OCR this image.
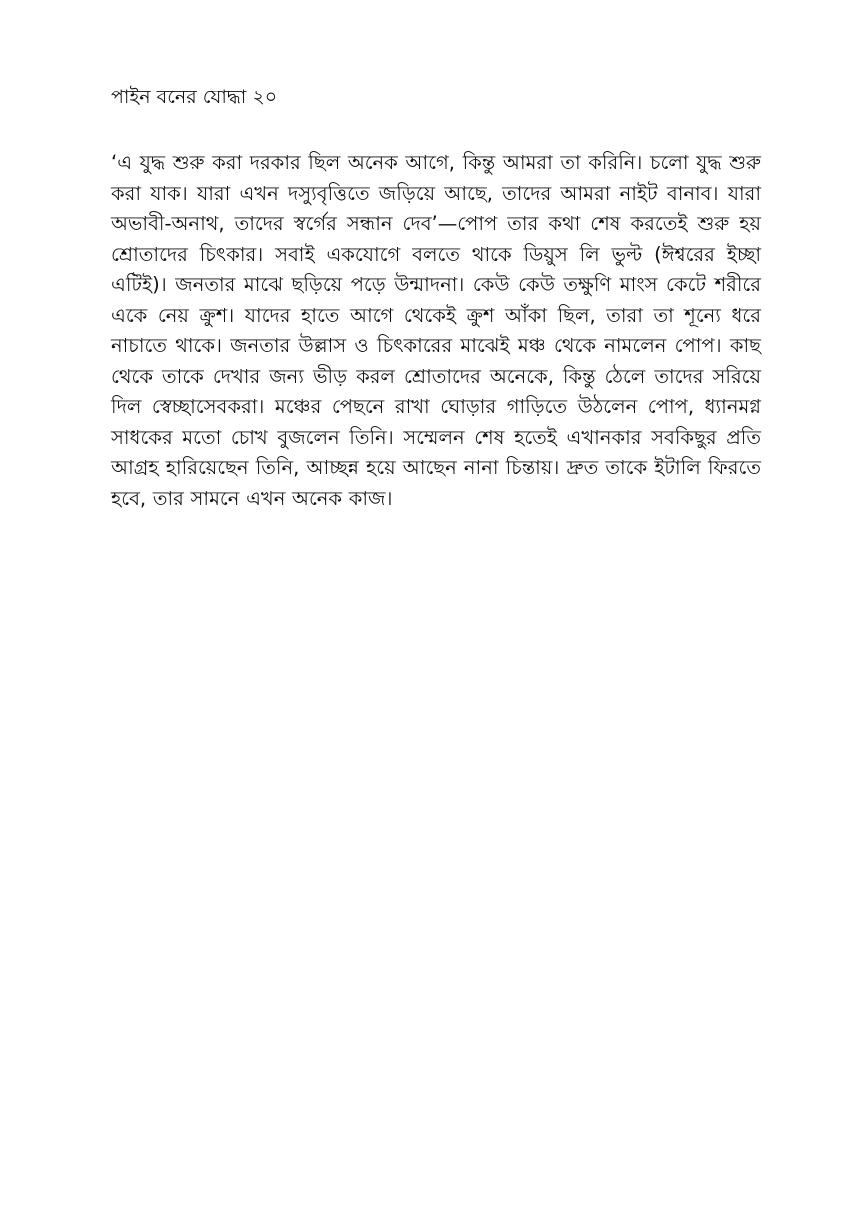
পাইন বনের যোদ্ধা ২০
‘এ যুদ্ধ শুরু করা দরকার ছিল অনেক আগে, কিন্তু আমরা তা করিনি। চলো যুদ্ধ শুরু করা যাক। যারা এখন দস্যুবৃত্তিতে জড়িয়ে আছে, তাদের আমরা নাইট বানাব। যারা অভাবী-অনাথ, তাদের স্বর্গের সন্ধান দেব’—পোপ তার কথা শেষ করতেই শুরু হয় শ্রোতাদের চিৎকার। সবাই একযোগে বলতে থাকে ডিয়ুস লি ভুল্ট (ঈশ্বরের ইচ্ছা এটিই)। জনতার মাঝে ছড়িয়ে পড়ে উন্মাদনা। কেউ কেউ তক্ষুণি মাংস কেটে শরীরে একে নেয় ক্রুশ। যাদের হাতে আগে থেকেই ক্রুশ আঁকা ছিল, তারা তা শূন্যে ধরে নাচাতে থাকে। জনতার উল্লাস ও চিৎকারের মাঝেই মঞ্চ থেকে নামলেন পোপ। কাছ থেকে তাকে দেখার জন্য ভীড় করল শ্রোতাদের অনেকে, কিন্তু ঠেলে তাদের সরিয়ে দিল স্বেচ্ছাসেবকরা। মঞ্চের পেছনে রাখা ঘোড়ার গাড়িতে উঠলেন পোপ, ধ্যানমগ্ন সাধকের মতো চোখ বুজলেন তিনি। সম্মেলন শেষ হতেই এখানকার সবকিছুর প্রতি আগ্রহ হারিয়েছেন তিনি, আচ্ছন্ন হয়ে আছেন নানা চিন্তায়। দ্রুত তাকে ইটালি ফিরতে হবে, তার সামনে এখন অনেক কাজ।
